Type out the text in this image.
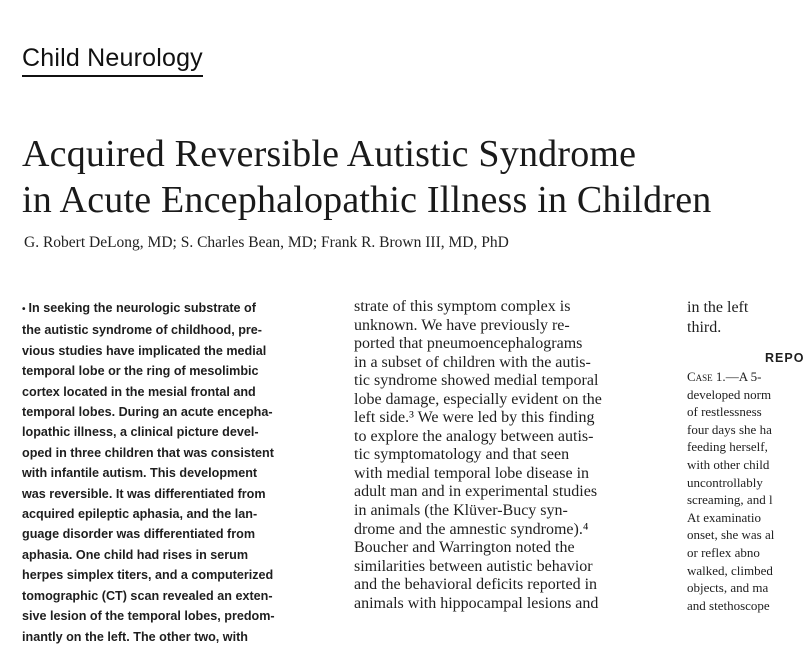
Child Neurology
Acquired Reversible Autistic Syndrome
in Acute Encephalopathic Illness in Children
G. Robert DeLong, MD; S. Charles Bean, MD; Frank R. Brown III, MD, PhD
• In seeking the neurologic substrate of
the autistic syndrome of childhood, pre-
vious studies have implicated the medial
temporal lobe or the ring of mesolimbic
cortex located in the mesial frontal and
temporal lobes. During an acute encepha-
lopathic illness, a clinical picture devel-
oped in three children that was consistent
with infantile autism. This development
was reversible. It was differentiated from
acquired epileptic aphasia, and the lan-
guage disorder was differentiated from
aphasia. One child had rises in serum
herpes simplex titers, and a computerized
tomographic (CT) scan revealed an exten-
sive lesion of the temporal lobes, predom-
inantly on the left. The other two, with
strate of this symptom complex is
unknown. We have previously re-
ported that pneumoencephalograms
in a subset of children with the autis-
tic syndrome showed medial temporal
lobe damage, especially evident on the
left side.³ We were led by this finding
to explore the analogy between autis-
tic symptomatology and that seen
with medial temporal lobe disease in
adult man and in experimental studies
in animals (the Klüver-Bucy syn-
drome and the amnestic syndrome).⁴
Boucher and Warrington noted the
similarities between autistic behavior
and the behavioral deficits reported in
animals with hippocampal lesions and
in the left
third.
REPO
Case 1.—A 5-
developed norm
of restlessness
four days she ha
feeding herself,
with other child
uncontrollably
screaming, and l
At examinatio
onset, she was al
or reflex abno
walked, climbed
objects, and ma
and stethoscope
